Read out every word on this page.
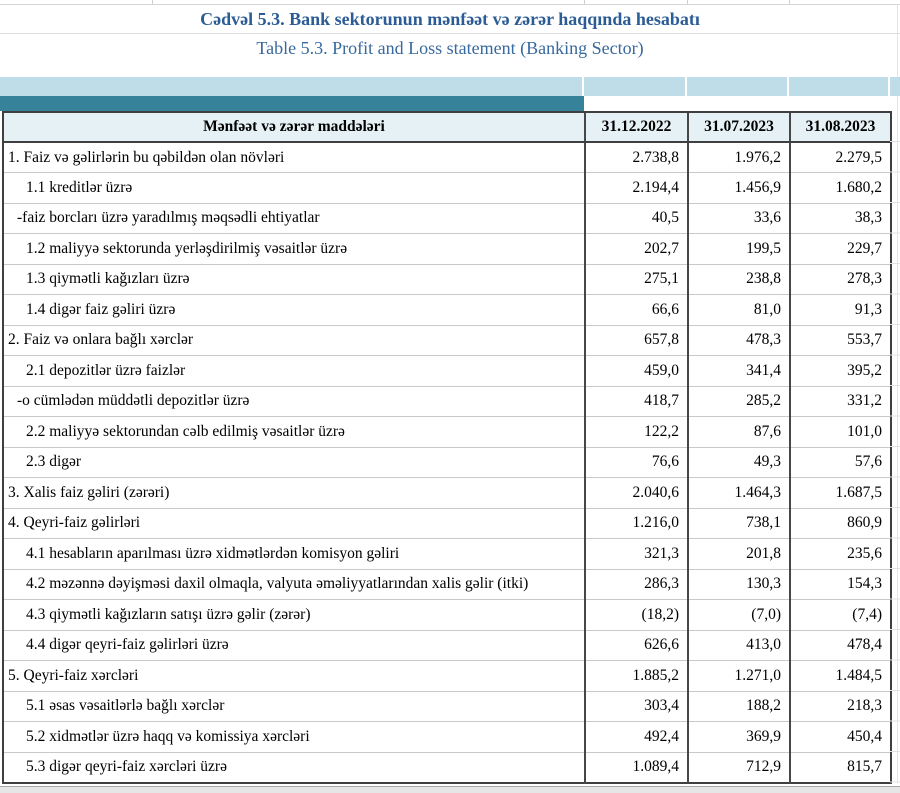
Cədvəl 5.3. Bank sektorunun mənfəət və zərər haqqında hesabatı
Table 5.3. Profit and Loss statement (Banking Sector)
Mənfəət və zərər maddələri	31.12.2022	31.07.2023	31.08.2023
1. Faiz və gəlirlərin bu qəbildən olan növləri	2.738,8	1.976,2	2.279,5
1.1 kreditlər üzrə	2.194,4	1.456,9	1.680,2
-faiz borcları üzrə yaradılmış məqsədli ehtiyatlar	40,5	33,6	38,3
1.2 maliyyə sektorunda yerləşdirilmiş vəsaitlər üzrə	202,7	199,5	229,7
1.3 qiymətli kağızları üzrə	275,1	238,8	278,3
1.4 digər faiz gəliri üzrə	66,6	81,0	91,3
2. Faiz və onlara bağlı xərclər	657,8	478,3	553,7
2.1 depozitlər üzrə faizlər	459,0	341,4	395,2
-o cümlədən müddətli depozitlər üzrə	418,7	285,2	331,2
2.2 maliyyə sektorundan cəlb edilmiş vəsaitlər üzrə	122,2	87,6	101,0
2.3 digər	76,6	49,3	57,6
3. Xalis faiz gəliri (zərəri)	2.040,6	1.464,3	1.687,5
4. Qeyri-faiz gəlirləri	1.216,0	738,1	860,9
4.1 hesabların aparılması üzrə xidmətlərdən komisyon gəliri	321,3	201,8	235,6
4.2 məzənnə dəyişməsi daxil olmaqla, valyuta əməliyyatlarından xalis gəlir (itki)	286,3	130,3	154,3
4.3 qiymətli kağızların satışı üzrə gəlir (zərər)	(18,2)	(7,0)	(7,4)
4.4 digər qeyri-faiz gəlirləri üzrə	626,6	413,0	478,4
5. Qeyri-faiz xərcləri	1.885,2	1.271,0	1.484,5
5.1 əsas vəsaitlərlə bağlı xərclər	303,4	188,2	218,3
5.2 xidmətlər üzrə haqq və komissiya xərcləri	492,4	369,9	450,4
5.3 digər qeyri-faiz xərcləri üzrə	1.089,4	712,9	815,7
